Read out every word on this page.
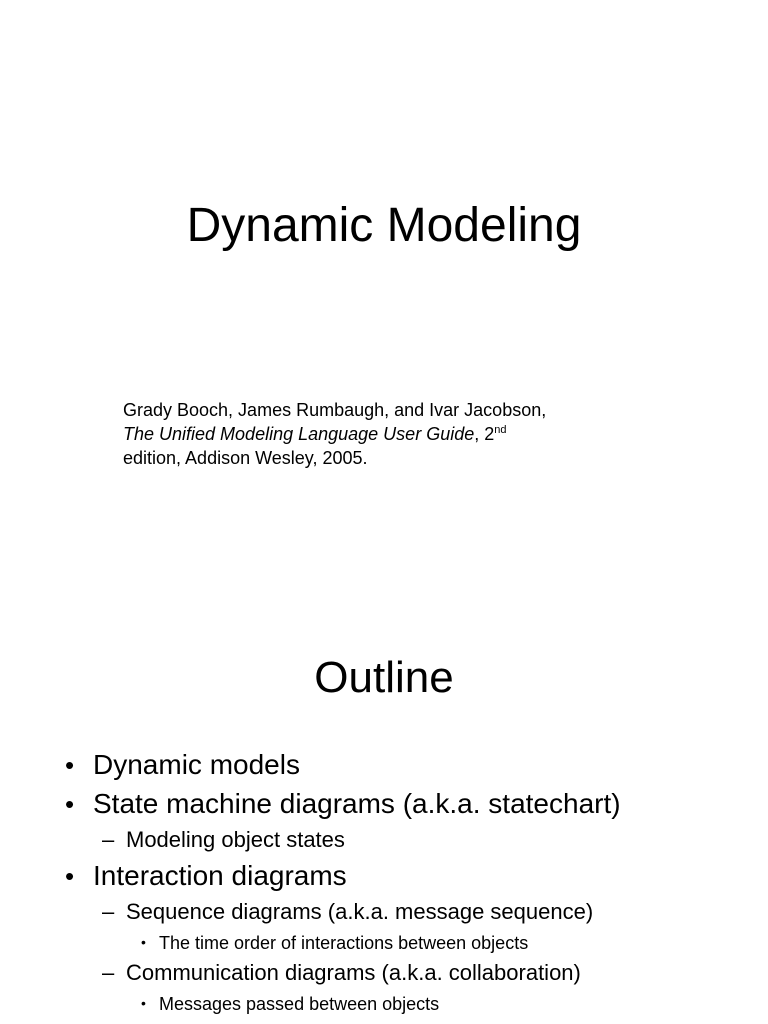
Dynamic Modeling
Grady Booch, James Rumbaugh, and Ivar Jacobson,
The Unified Modeling Language User Guide, 2nd
edition, Addison Wesley, 2005.
Outline
• Dynamic models
• State machine diagrams (a.k.a. statechart)
– Modeling object states
• Interaction diagrams
– Sequence diagrams (a.k.a. message sequence)
• The time order of interactions between objects
– Communication diagrams (a.k.a. collaboration)
• Messages passed between objects
